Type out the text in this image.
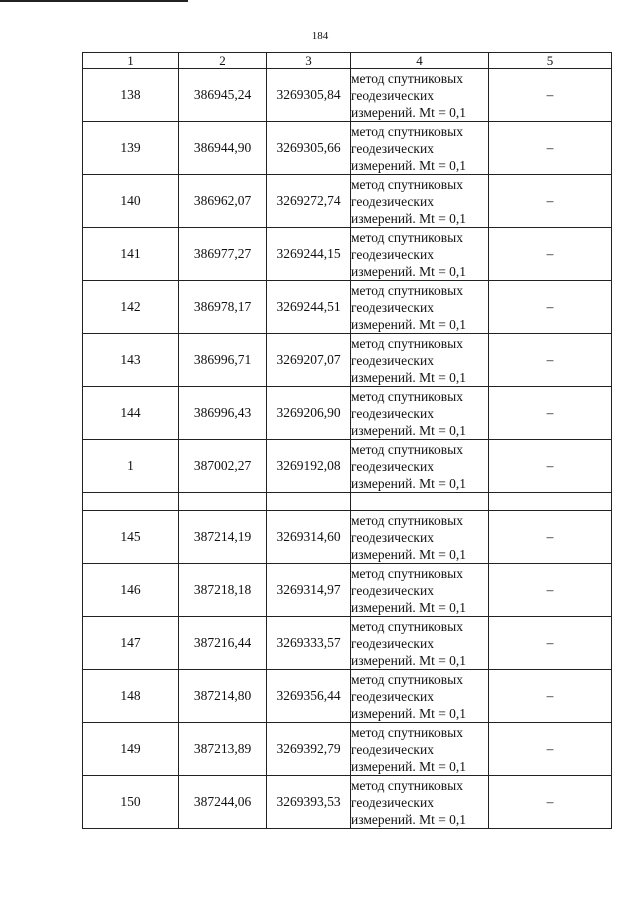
184
1	2	3	4	5
138	386945,24	3269305,84	метод спутниковых
геодезических
измерений. Mt = 0,1	–
139	386944,90	3269305,66	метод спутниковых
геодезических
измерений. Mt = 0,1	–
140	386962,07	3269272,74	метод спутниковых
геодезических
измерений. Mt = 0,1	–
141	386977,27	3269244,15	метод спутниковых
геодезических
измерений. Mt = 0,1	–
142	386978,17	3269244,51	метод спутниковых
геодезических
измерений. Mt = 0,1	–
143	386996,71	3269207,07	метод спутниковых
геодезических
измерений. Mt = 0,1	–
144	386996,43	3269206,90	метод спутниковых
геодезических
измерений. Mt = 0,1	–
1	387002,27	3269192,08	метод спутниковых
геодезических
измерений. Mt = 0,1	–

145	387214,19	3269314,60	метод спутниковых
геодезических
измерений. Mt = 0,1	–
146	387218,18	3269314,97	метод спутниковых
геодезических
измерений. Mt = 0,1	–
147	387216,44	3269333,57	метод спутниковых
геодезических
измерений. Mt = 0,1	–
148	387214,80	3269356,44	метод спутниковых
геодезических
измерений. Mt = 0,1	–
149	387213,89	3269392,79	метод спутниковых
геодезических
измерений. Mt = 0,1	–
150	387244,06	3269393,53	метод спутниковых
геодезических
измерений. Mt = 0,1	–
